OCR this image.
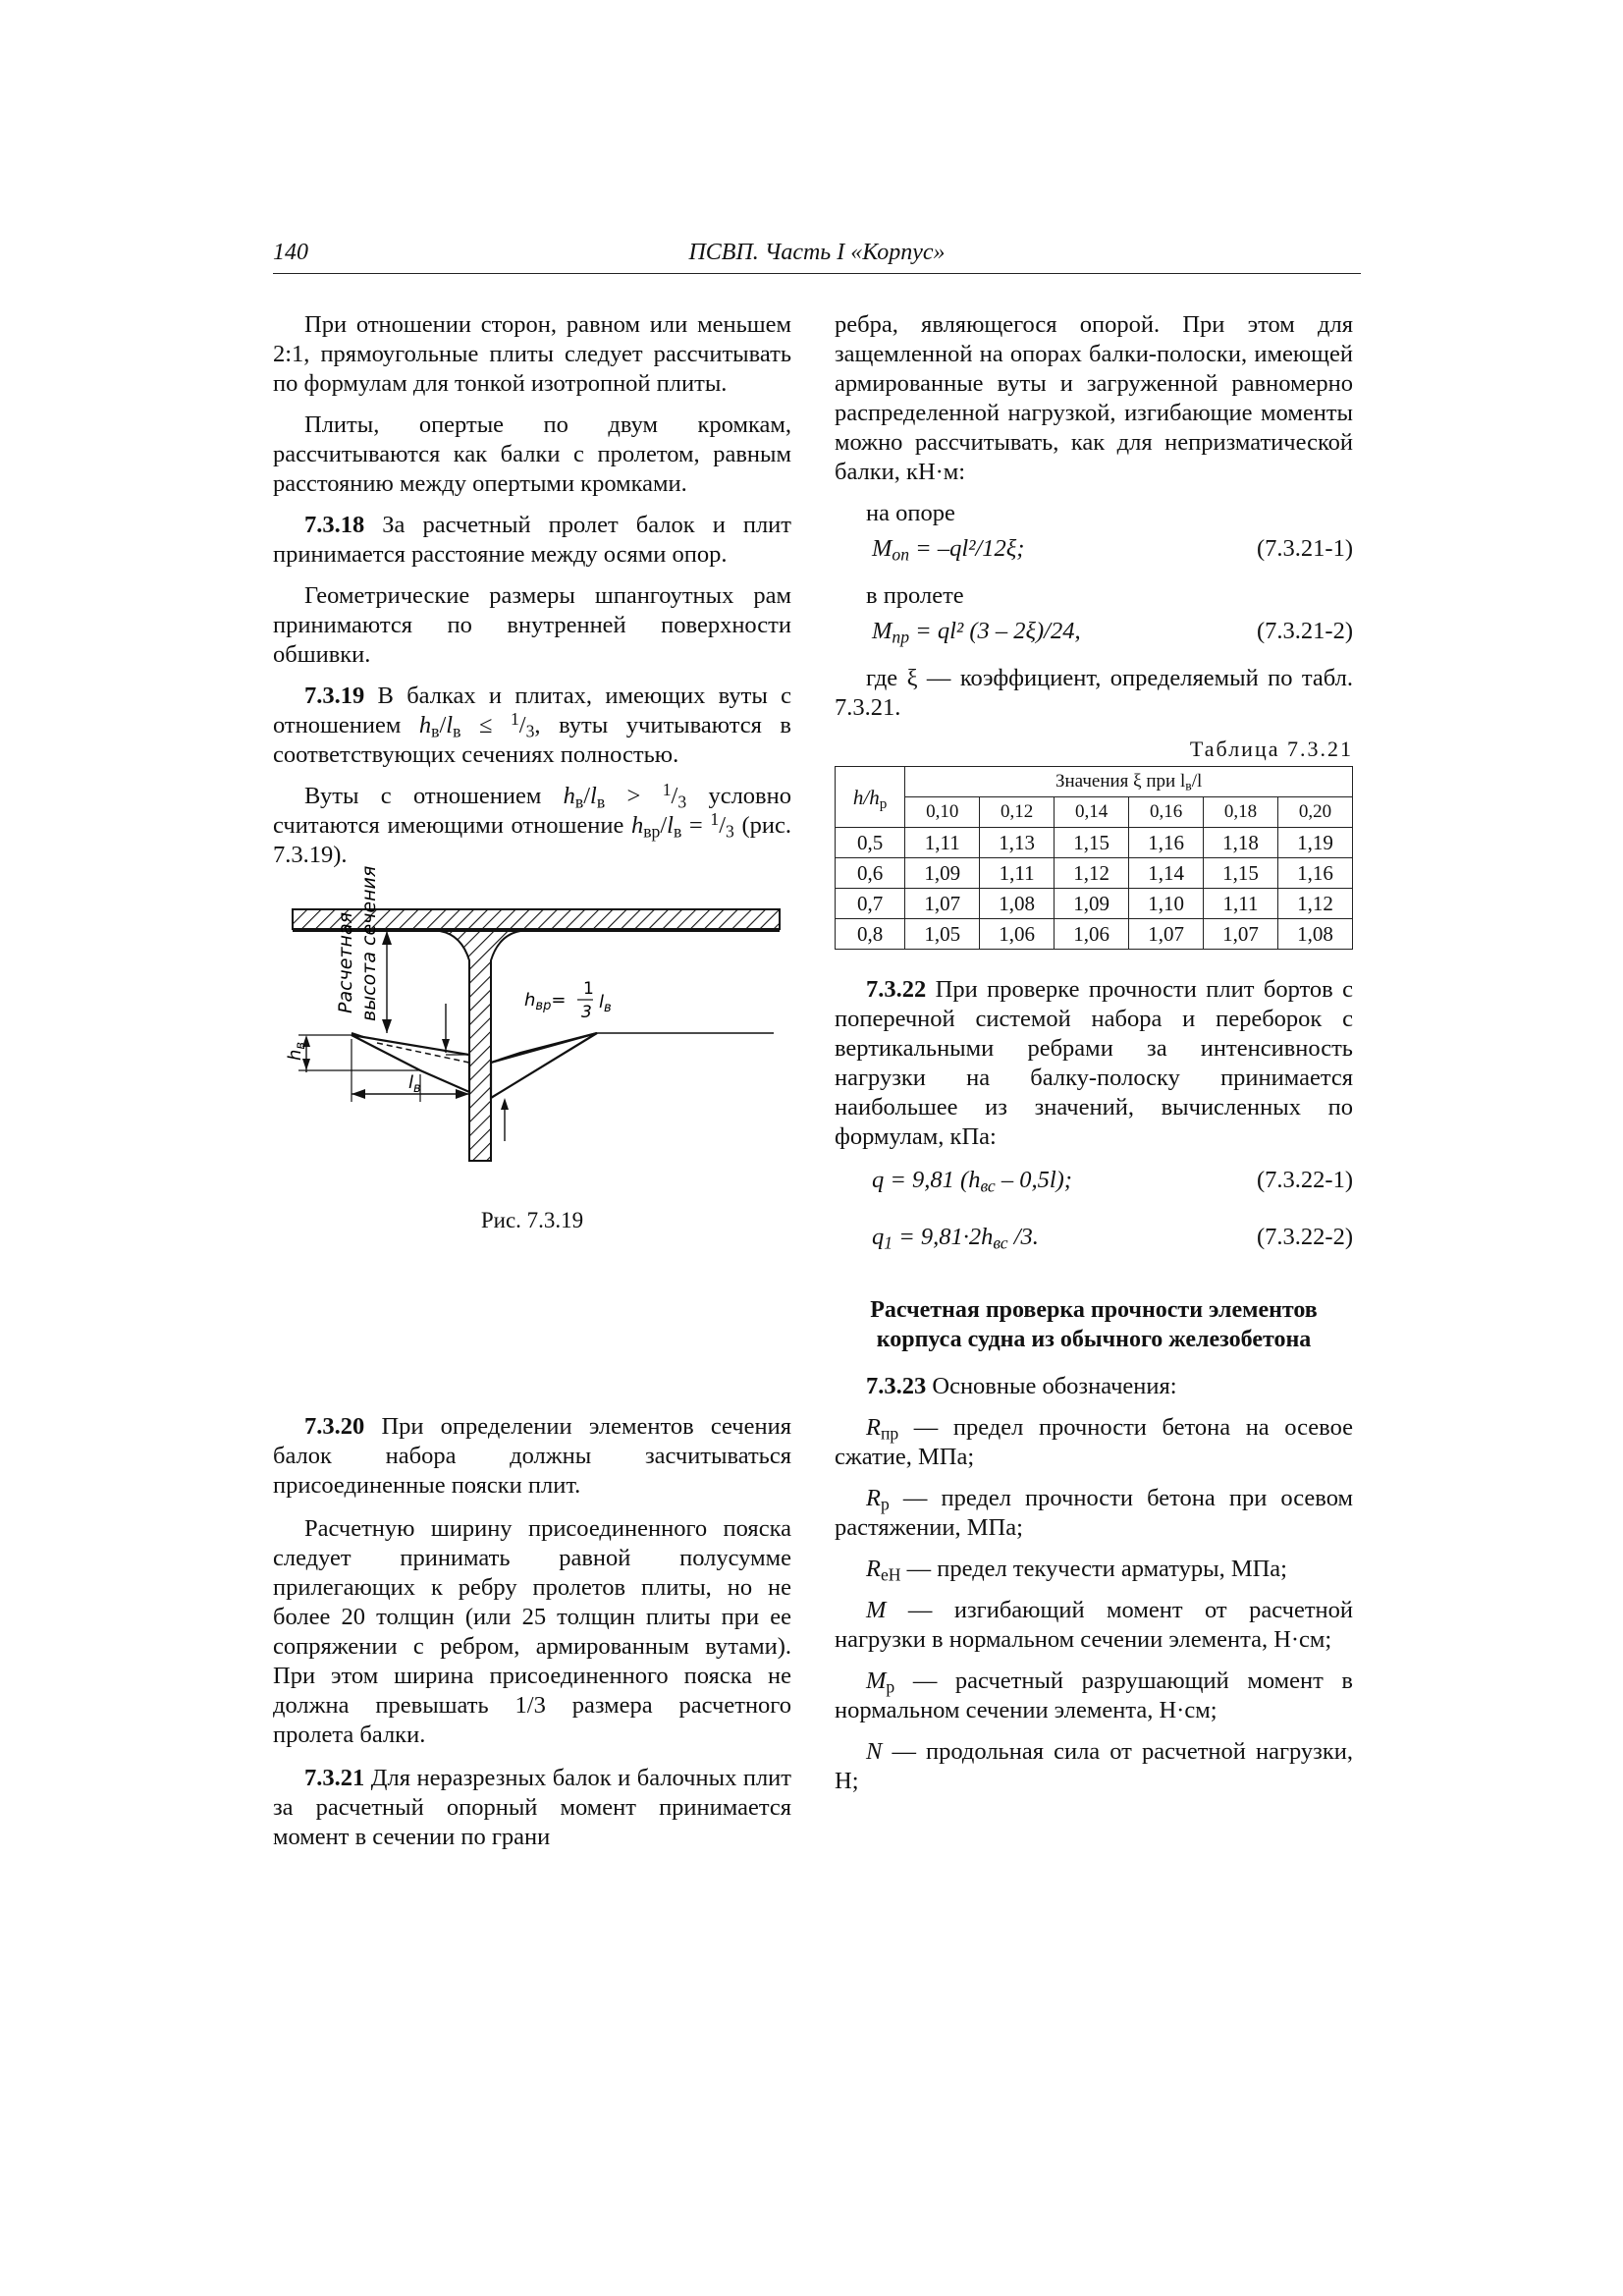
140	ПСВП. Часть I «Корпус»

При отношении сторон, равном или меньшем 2:1, прямоугольные плиты следует рассчитывать по формулам для тонкой изотропной плиты.

Плиты, опертые по двум кромкам, рассчитываются как балки с пролетом, равным расстоянию между опертыми кромками.

7.3.18 За расчетный пролет балок и плит принимается расстояние между осями опор.

Геометрические размеры шпангоутных рам принимаются по внутренней поверхности обшивки.

7.3.19 В балках и плитах, имеющих вуты с отношением $h_в/l_в \le ^1/_3$, вуты учитываются в соответствующих сечениях полностью.

Вуты с отношением $h_в/l_в > ^1/_3$ условно считаются имеющими отношение $h_{вр}/l_в = ^1/_3$ (рис. 7.3.19).

Расчетная высота сечения
$h_в$
$l_в$
$h_{вр}=$
1
3 $l_в$
Рис. 7.3.19

7.3.20 При определении элементов сечения балок набора должны засчитываться присоединенные пояски плит.

Расчетную ширину присоединенного пояска следует принимать равной полусумме прилегающих к ребру пролетов плиты, но не более 20 толщин (или 25 толщин плиты при ее сопряжении с ребром, армированным вутами). При этом ширина присоединенного пояска не должна превышать 1/3 размера расчетного пролета балки.

7.3.21 Для неразрезных балок и балочных плит за расчетный опорный момент принимается момент в сечении по грани

ребра, являющегося опорой. При этом для защемленной на опорах балки-полоски, имеющей армированные вуты и загруженной равномерно распределенной нагрузкой, изгибающие моменты можно рассчитывать, как для непризматической балки, кН·м:

на опоре

$M_{оп} = -ql^2/12\xi$;	(7.3.21-1)

в пролете

$M_{пр} = ql^2$ (3 – 2ξ)/24,	(7.3.21-2)

где ξ — коэффициент, определяемый по табл. 7.3.21.

Таблица 7.3.21
$h/h_р$	Значения ξ при $l_в/l$					
	0,10	0,12	0,14	0,16	0,18	0,20
0,5	1,11	1,13	1,15	1,16	1,18	1,19
0,6	1,09	1,11	1,12	1,14	1,15	1,16
0,7	1,07	1,08	1,09	1,10	1,11	1,12
0,8	1,05	1,06	1,06	1,07	1,07	1,08

7.3.22 При проверке прочности плит бортов с поперечной системой набора и переборок с вертикальными ребрами за интенсивность нагрузки на балку-полоску принимается наибольшее из значений, вычисленных по формулам, кПа:

q = 9,81 $(h_{вс} - 0,5l)$;	(7.3.22-1)
$q_1 = 9,81\cdot 2h_{вс}$ /3.	(7.3.22-2)
Расчетная проверка прочности элементов корпуса судна из обычного железобетона

7.3.23 Основные обозначения:

$R_{пр}$ — предел прочности бетона на осевое сжатие, МПа;

$R_р$ — предел прочности бетона при осевом растяжении, МПа;

$R_{eH}$ — предел текучести арматуры, МПа;

M — изгибающий момент от расчетной нагрузки в нормальном сечении элемента, Н·см;

$M_р$ — расчетный разрушающий момент в нормальном сечении элемента, Н·см;

N — продольная сила от расчетной нагрузки, Н;
